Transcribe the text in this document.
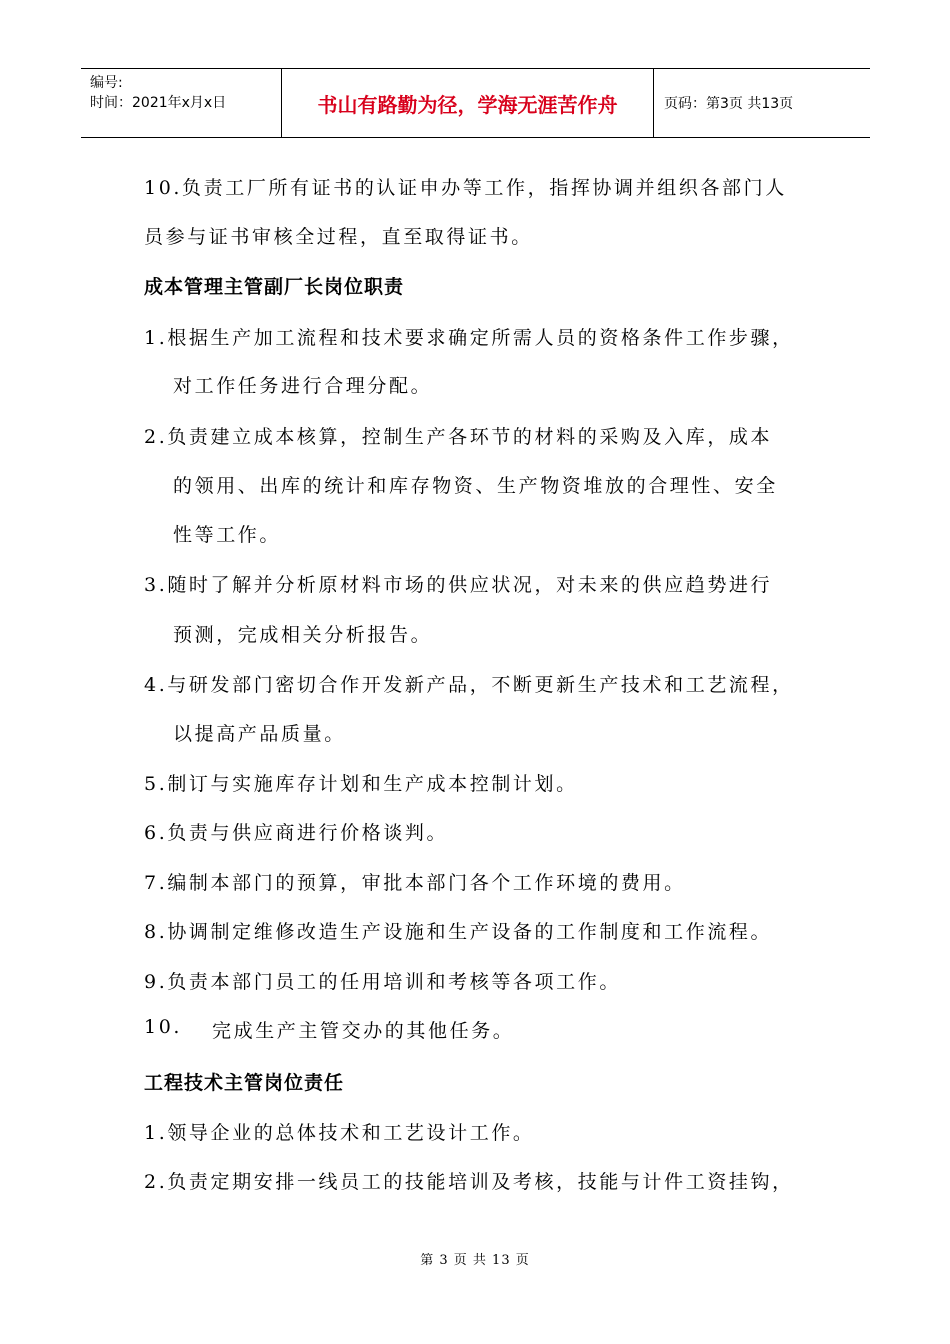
编号:
时间：2021年x月x日	书山有路勤为径，学海无涯苦作舟	页码：第3页 共13页
10.负责工厂所有证书的认证申办等工作，指挥协调并组织各部门人
员参与证书审核全过程，直至取得证书。
成本管理主管副厂长岗位职责
1.根据生产加工流程和技术要求确定所需人员的资格条件工作步骤，
对工作任务进行合理分配。
2.负责建立成本核算，控制生产各环节的材料的采购及入库，成本
的领用、出库的统计和库存物资、生产物资堆放的合理性、安全
性等工作。
3.随时了解并分析原材料市场的供应状况，对未来的供应趋势进行
预测，完成相关分析报告。
4.与研发部门密切合作开发新产品，不断更新生产技术和工艺流程，
以提高产品质量。
5.制订与实施库存计划和生产成本控制计划。
6.负责与供应商进行价格谈判。
7.编制本部门的预算，审批本部门各个工作环境的费用。
8.协调制定维修改造生产设施和生产设备的工作制度和工作流程。
9.负责本部门员工的任用培训和考核等各项工作。
10. 完成生产主管交办的其他任务。
工程技术主管岗位责任
1.领导企业的总体技术和工艺设计工作。
2.负责定期安排一线员工的技能培训及考核，技能与计件工资挂钩，
第 3 页 共 13 页
